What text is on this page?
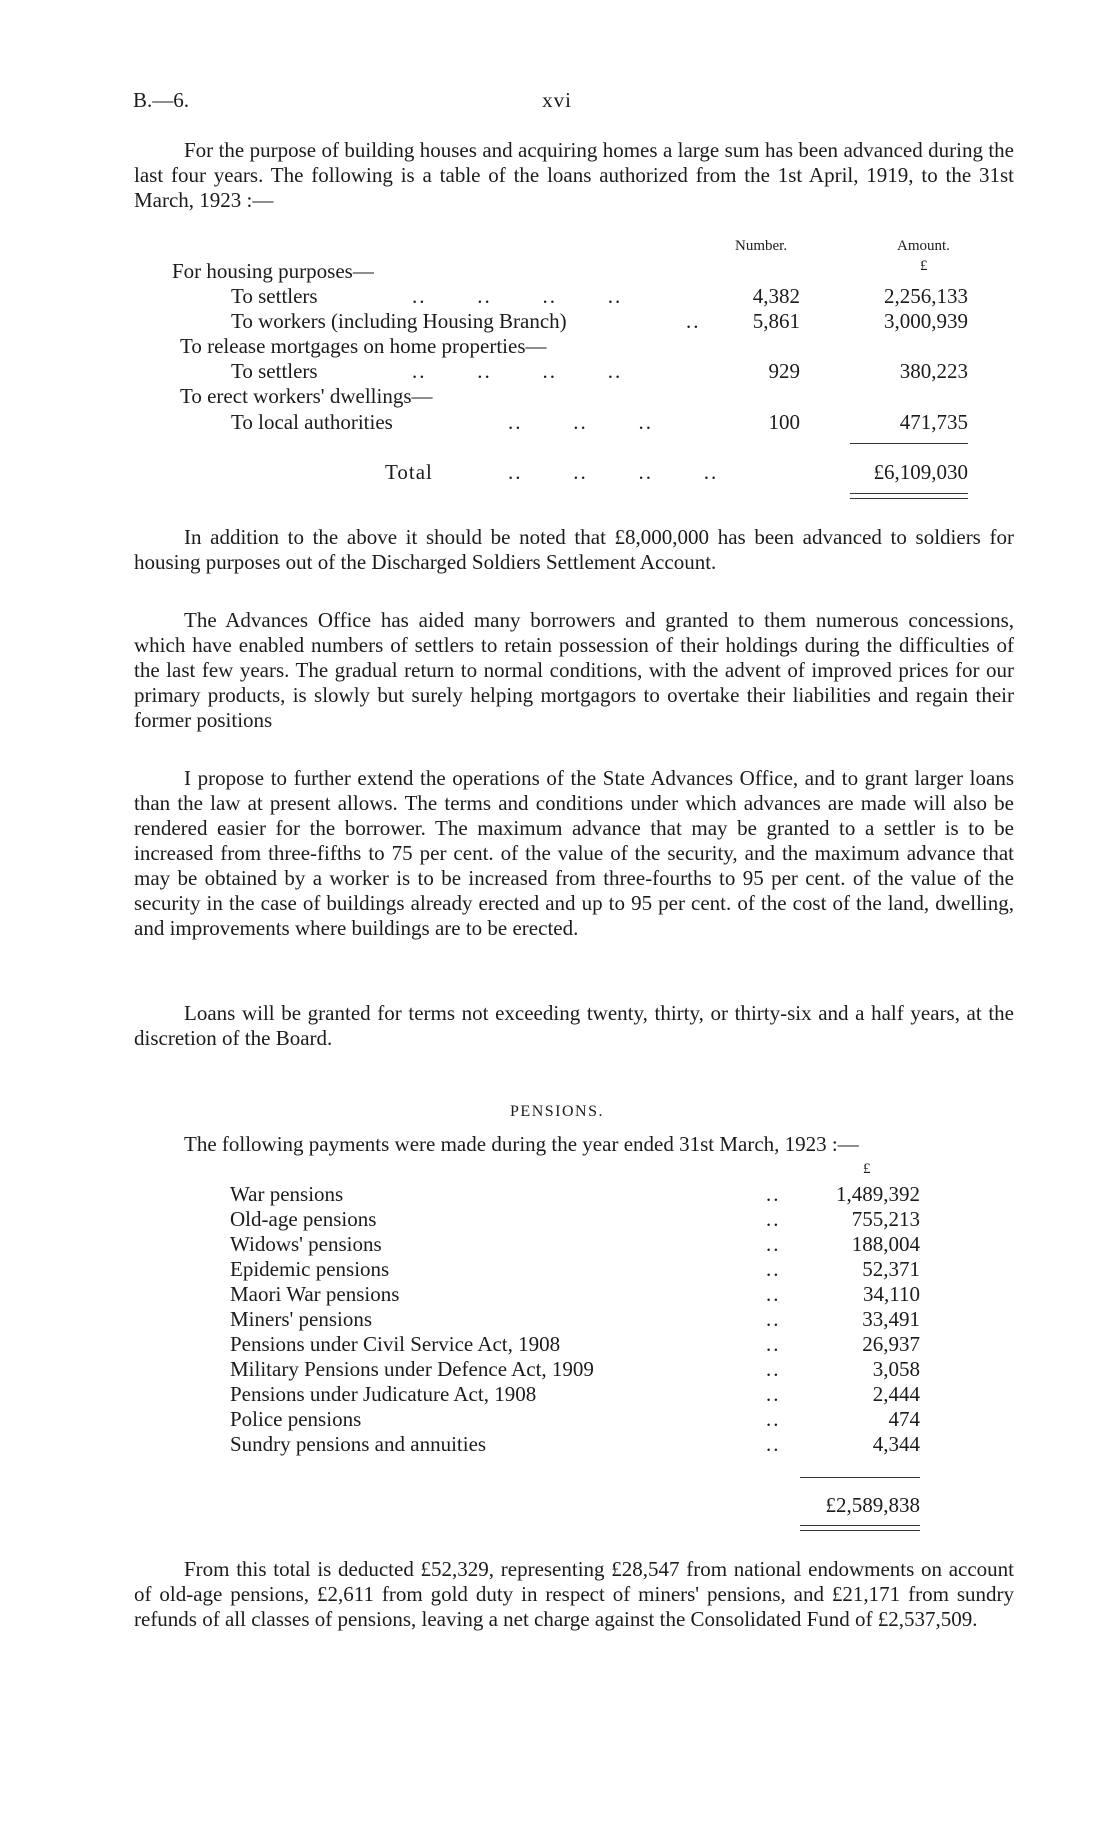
B.—6.	xvi

For the purpose of building houses and acquiring homes a large sum has been advanced during the last four years. The following is a table of the loans authorized from the 1st April, 1919, to the 31st March, 1923 :—

Number.	Amount.
£
For housing purposes—
To settlers	..       ..       ..       ..	4,382	2,256,133
To workers (including Housing Branch)	..	5,861	3,000,939
To release mortgages on home properties—
To settlers	..       ..       ..       ..	929	380,223
To erect workers' dwellings—
To local authorities	..       ..       ..	100	471,735
Total	..       ..       ..       ..	£6,109,030

In addition to the above it should be noted that £8,000,000 has been advanced to soldiers for housing purposes out of the Discharged Soldiers Settlement Account.

The Advances Office has aided many borrowers and granted to them numerous concessions, which have enabled numbers of settlers to retain possession of their holdings during the difficulties of the last few years. The gradual return to normal conditions, with the advent of improved prices for our primary products, is slowly but surely helping mortgagors to overtake their liabilities and regain their former positions

I propose to further extend the operations of the State Advances Office, and to grant larger loans than the law at present allows. The terms and conditions under which advances are made will also be rendered easier for the borrower. The maximum advance that may be granted to a settler is to be increased from three-fifths to 75 per cent. of the value of the security, and the maximum advance that may be obtained by a worker is to be increased from three-fourths to 95 per cent. of the value of the security in the case of buildings already erected and up to 95 per cent. of the cost of the land, dwelling, and improvements where buildings are to be erected.

Loans will be granted for terms not exceeding twenty, thirty, or thirty-six and a half years, at the discretion of the Board.

PENSIONS.

The following payments were made during the year ended 31st March, 1923 :—

£
War pensions	..	1,489,392
Old-age pensions	..	755,213
Widows' pensions	..	188,004
Epidemic pensions	..	52,371
Maori War pensions	..	34,110
Miners' pensions	..	33,491
Pensions under Civil Service Act, 1908	..	26,937
Military Pensions under Defence Act, 1909	..	3,058
Pensions under Judicature Act, 1908	..	2,444
Police pensions	..	474
Sundry pensions and annuities	..	4,344
£2,589,838

From this total is deducted £52,329, representing £28,547 from national endowments on account of old-age pensions, £2,611 from gold duty in respect of miners' pensions, and £21,171 from sundry refunds of all classes of pensions, leaving a net charge against the Consolidated Fund of £2,537,509.
